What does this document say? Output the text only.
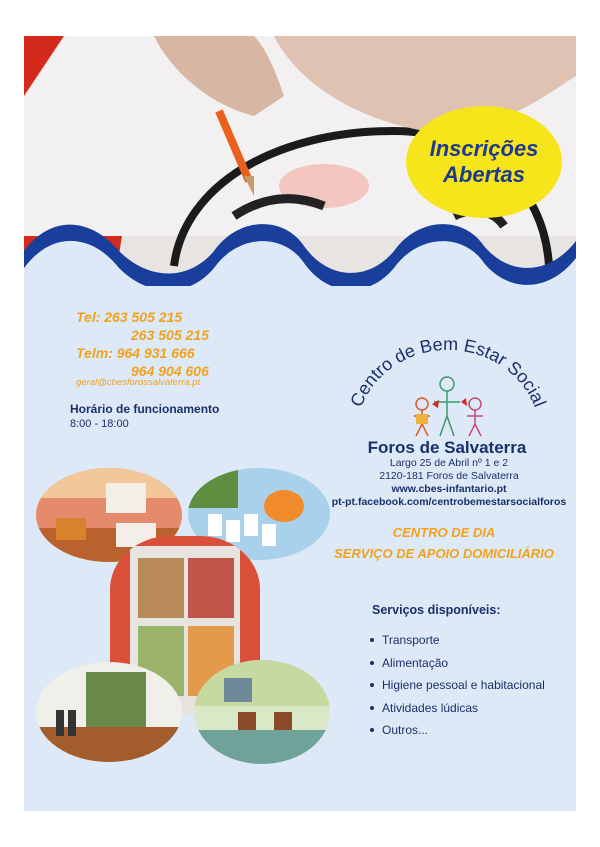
Inscrições
Abertas
Tel: 263 505 215
263 505 215
Telm: 964 931 666
964 904 606
geral@cbesforossalvaterra.pt
Horário de funcionamento
8:00 - 18:00
Centro de Bem Estar Social
Foros de Salvaterra
Largo 25 de Abril nº 1 e 2
2120-181 Foros de Salvaterra
www.cbes-infantario.pt
pt-pt.facebook.com/centrobemestarsocialforos
CENTRO DE DIA
SERVIÇO DE APOIO DOMICILIÁRIO
Serviços disponíveis:
Transporte
Alimentação
Higiene pessoal e habitacional
Atividades lúdicas
Outros...
